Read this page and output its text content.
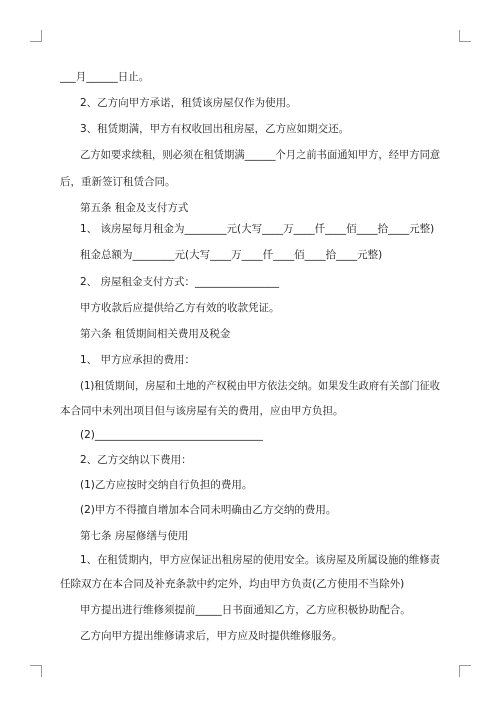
___月______日止。

2、乙方向甲方承诺，租赁该房屋仅作为使用。

3、租赁期满，甲方有权收回出租房屋，乙方应如期交还。

乙方如要求续租，则必须在租赁期满______个月之前书面通知甲方，经甲方同意

后，重新签订租赁合同。

第五条 租金及支付方式

1、 该房屋每月租金为________元(大写____万____仟____佰____拾____元整)

租金总额为________元(大写____万____仟____佰____拾____元整)

2、 房屋租金支付方式：________________

甲方收款后应提供给乙方有效的收款凭证。

第六条 租赁期间相关费用及税金

1、 甲方应承担的费用：

(1)租赁期间，房屋和土地的产权税由甲方依法交纳。如果发生政府有关部门征收

本合同中未列出项目但与该房屋有关的费用，应由甲方负担。

(2)________________________________

2、乙方交纳以下费用：

(1)乙方应按时交纳自行负担的费用。

(2)甲方不得擅自增加本合同未明确由乙方交纳的费用。

第七条 房屋修缮与使用

1、在租赁期内，甲方应保证出租房屋的使用安全。该房屋及所属设施的维修责

任除双方在本合同及补充条款中约定外，均由甲方负责(乙方使用不当除外)

甲方提出进行维修须提前_____日书面通知乙方，乙方应积极协助配合。

乙方向甲方提出维修请求后，甲方应及时提供维修服务。
